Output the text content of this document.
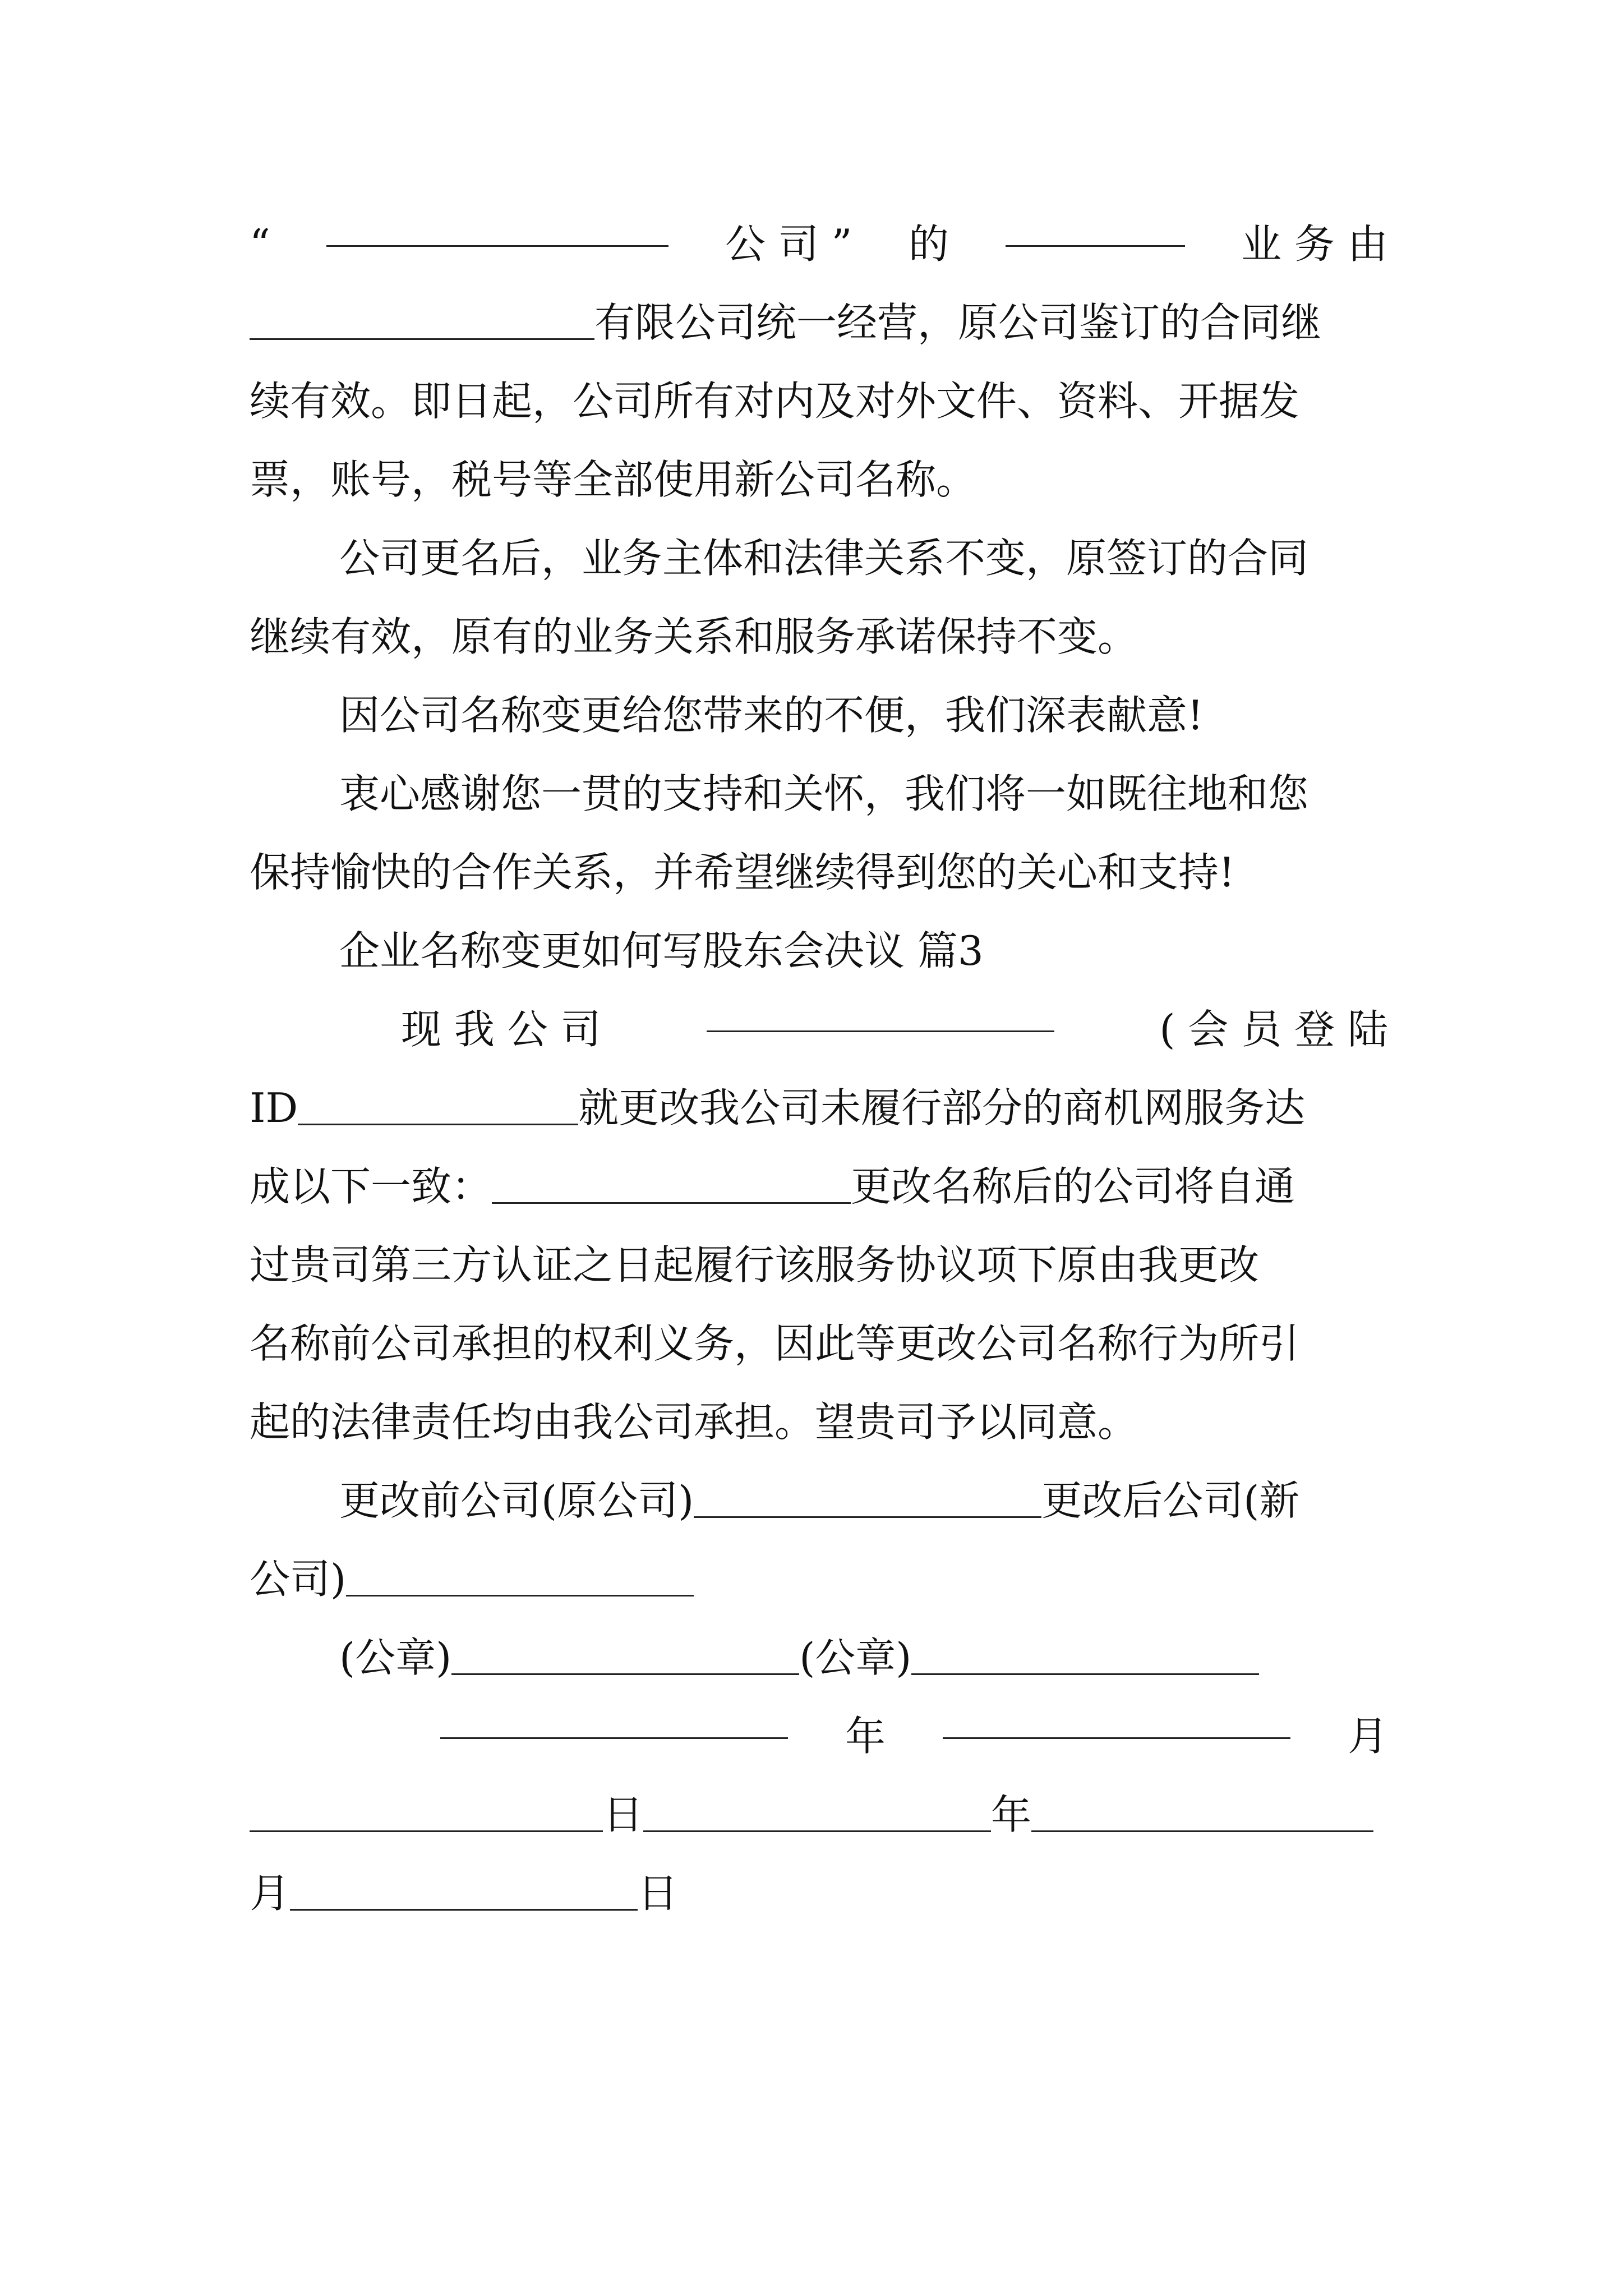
“	公 司 ” 的	业 务 由
有限公司统一经营，原公司鉴订的合同继
续有效。即日起，公司所有对内及对外文件、资料、开据发
票，账号，税号等全部使用新公司名称。
公司更名后，业务主体和法律关系不变，原签订的合同
继续有效，原有的业务关系和服务承诺保持不变。
因公司名称变更给您带来的不便，我们深表献意!
衷心感谢您一贯的支持和关怀，我们将一如既往地和您
保持愉快的合作关系，并希望继续得到您的关心和支持!
企业名称变更如何写股东会决议 篇3
现 我 公 司	( 会 员 登 陆
ID	就更改我公司未履行部分的商机网服务达
成以下一致：	更改名称后的公司将自通
过贵司第三方认证之日起履行该服务协议项下原由我更改
名称前公司承担的权利义务，因此等更改公司名称行为所引
起的法律责任均由我公司承担。望贵司予以同意。
更改前公司(原公司)	更改后公司(新
公司)
(公章)	(公章)
年	月
日	年
月	日
